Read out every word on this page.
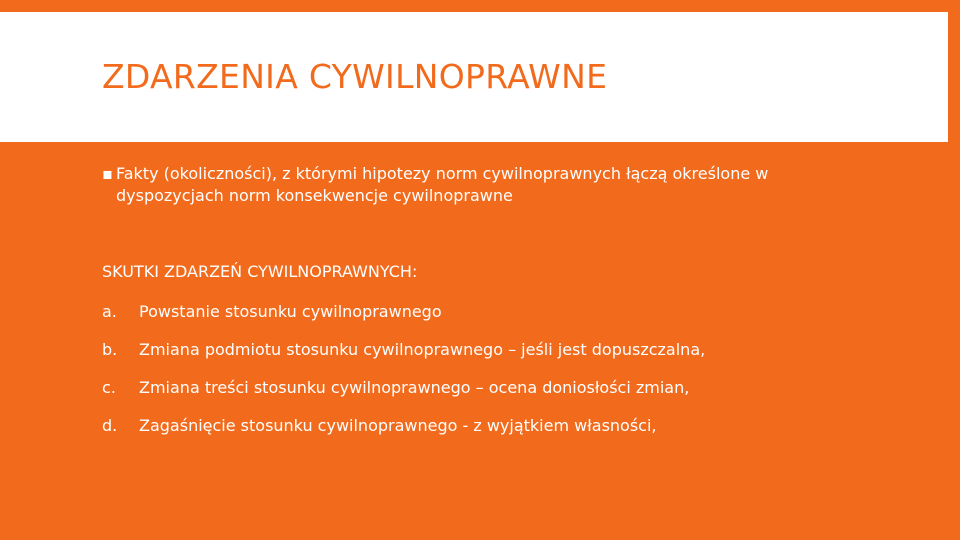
ZDARZENIA CYWILNOPRAWNE
▪ Fakty (okoliczności), z którymi hipotezy norm cywilnoprawnych łączą określone w dyspozycjach norm konsekwencje cywilnoprawne
SKUTKI ZDARZEŃ CYWILNOPRAWNYCH:
a. Powstanie stosunku cywilnoprawnego
b. Zmiana podmiotu stosunku cywilnoprawnego – jeśli jest dopuszczalna,
c. Zmiana treści stosunku cywilnoprawnego – ocena doniosłości zmian,
d. Zagaśnięcie stosunku cywilnoprawnego - z wyjątkiem własności,
